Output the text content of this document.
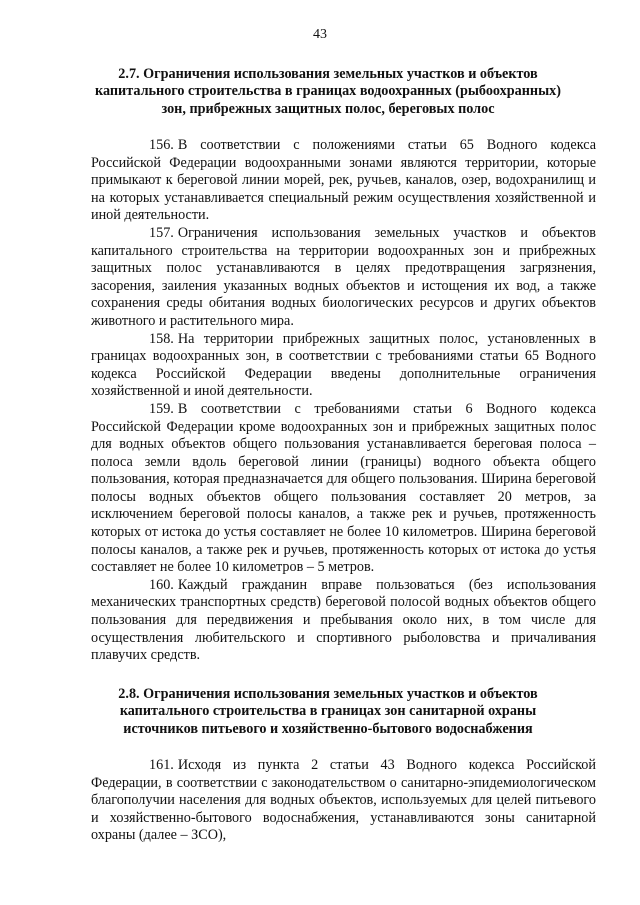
43
2.7. Ограничения использования земельных участков и объектов капитального строительства в границах водоохранных (рыбоохранных) зон, прибрежных защитных полос, береговых полос

156. В соответствии с положениями статьи 65 Водного кодекса Российской Федерации водоохранными зонами являются территории, которые примыкают к береговой линии морей, рек, ручьев, каналов, озер, водохранилищ и на которых устанавливается специальный режим осуществления хозяйственной и иной деятельности.

157. Ограничения использования земельных участков и объектов капитального строительства на территории водоохранных зон и прибрежных защитных полос устанавливаются в целях предотвращения загрязнения, засорения, заиления указанных водных объектов и истощения их вод, а также сохранения среды обитания водных биологических ресурсов и других объектов животного и растительного мира.

158. На территории прибрежных защитных полос, установленных в границах водоохранных зон, в соответствии с требованиями статьи 65 Водного кодекса Российской Федерации введены дополнительные ограничения хозяйственной и иной деятельности.

159. В соответствии с требованиями статьи 6 Водного кодекса Российской Федерации кроме водоохранных зон и прибрежных защитных полос для водных объектов общего пользования устанавливается береговая полоса – полоса земли вдоль береговой линии (границы) водного объекта общего пользования, которая предназначается для общего пользования. Ширина береговой полосы водных объектов общего пользования составляет 20 метров, за исключением береговой полосы каналов, а также рек и ручьев, протяженность которых от истока до устья составляет не более 10 километров. Ширина береговой полосы каналов, а также рек и ручьев, протяженность которых от истока до устья составляет не более 10 километров – 5 метров.

160. Каждый гражданин вправе пользоваться (без использования механических транспортных средств) береговой полосой водных объектов общего пользования для передвижения и пребывания около них, в том числе для осуществления любительского и спортивного рыболовства и причаливания плавучих средств.

2.8. Ограничения использования земельных участков и объектов капитального строительства в границах зон санитарной охраны источников питьевого и хозяйственно-бытового водоснабжения

161. Исходя из пункта 2 статьи 43 Водного кодекса Российской Федерации, в соответствии с законодательством о санитарно-эпидемиологическом благополучии населения для водных объектов, используемых для целей питьевого и хозяйственно-бытового водоснабжения, устанавливаются зоны санитарной охраны (далее – ЗСО),
